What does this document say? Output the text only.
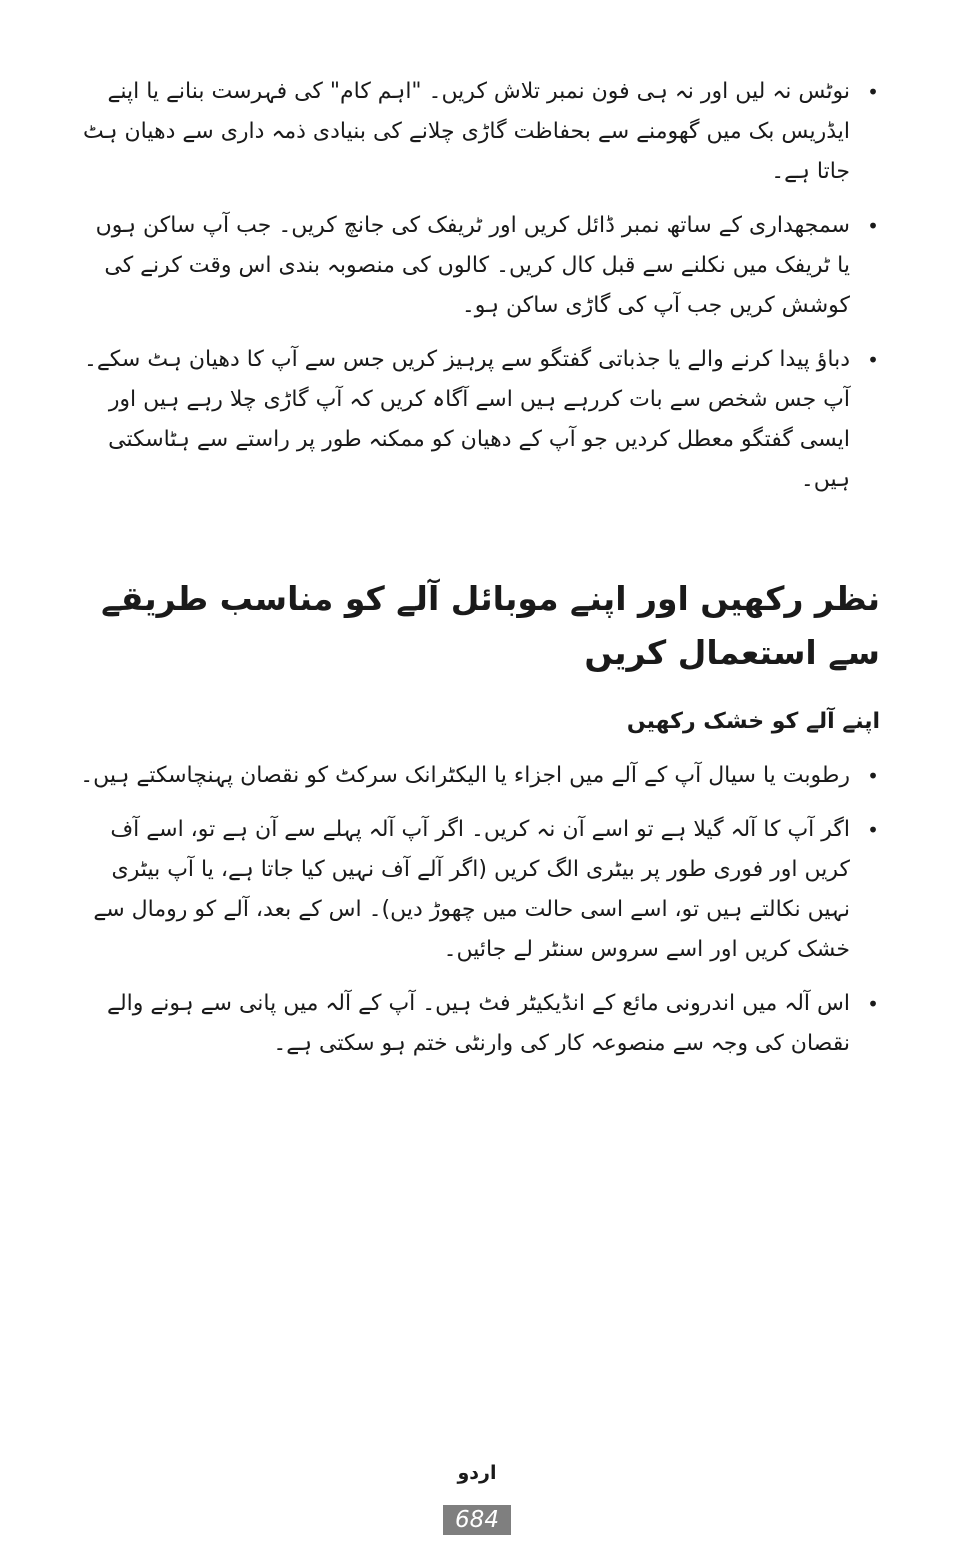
•
نوٹس نہ لیں اور نہ ہی فون نمبر تلاش کریں۔ "اہم کام" کی فہرست بنانے یا اپنے ایڈریس بک میں گھومنے سے بحفاظت گاڑی چلانے کی بنیادی ذمہ داری سے دھیان ہٹ جاتا ہے۔
•
سمجھداری کے ساتھ نمبر ڈائل کریں اور ٹریفک کی جانچ کریں۔ جب آپ ساکن ہوں یا ٹریفک میں نکلنے سے قبل کال کریں۔ کالوں کی منصوبہ بندی اس وقت کرنے کی کوشش کریں جب آپ کی گاڑی ساکن ہو۔
•
دباؤ پیدا کرنے والے یا جذباتی گفتگو سے پرہیز کریں جس سے آپ کا دھیان ہٹ سکے۔ آپ جس شخص سے بات کررہے ہیں اسے آگاہ کریں کہ آپ گاڑی چلا رہے ہیں اور ایسی گفتگو معطل کردیں جو آپ کے دھیان کو ممکنہ طور پر راستے سے ہٹاسکتی ہیں۔
نظر رکھیں اور اپنے موبائل آلے کو مناسب طریقے سے استعمال کریں
اپنے آلے کو خشک رکھیں
•
رطوبت یا سیال آپ کے آلے میں اجزاء یا الیکٹرانک سرکٹ کو نقصان پہنچاسکتے ہیں۔
•
اگر آپ کا آلہ گیلا ہے تو اسے آن نہ کریں۔ اگر آپ آلہ پہلے سے آن ہے تو، اسے آف کریں اور فوری طور پر بیٹری الگ کریں (اگر آلے آف نہیں کیا جاتا ہے، یا آپ بیٹری نہیں نکالتے ہیں تو، اسے اسی حالت میں چھوڑ دیں)۔ اس کے بعد، آلے کو رومال سے خشک کریں اور اسے سروس سنٹر لے جائیں۔
•
اس آلہ میں اندرونی مائع کے انڈیکیٹر فٹ ہیں۔ آپ کے آلہ میں پانی سے ہونے والے نقصان کی وجہ سے منصوعہ کار کی وارنٹی ختم ہو سکتی ہے۔
اردو
684
